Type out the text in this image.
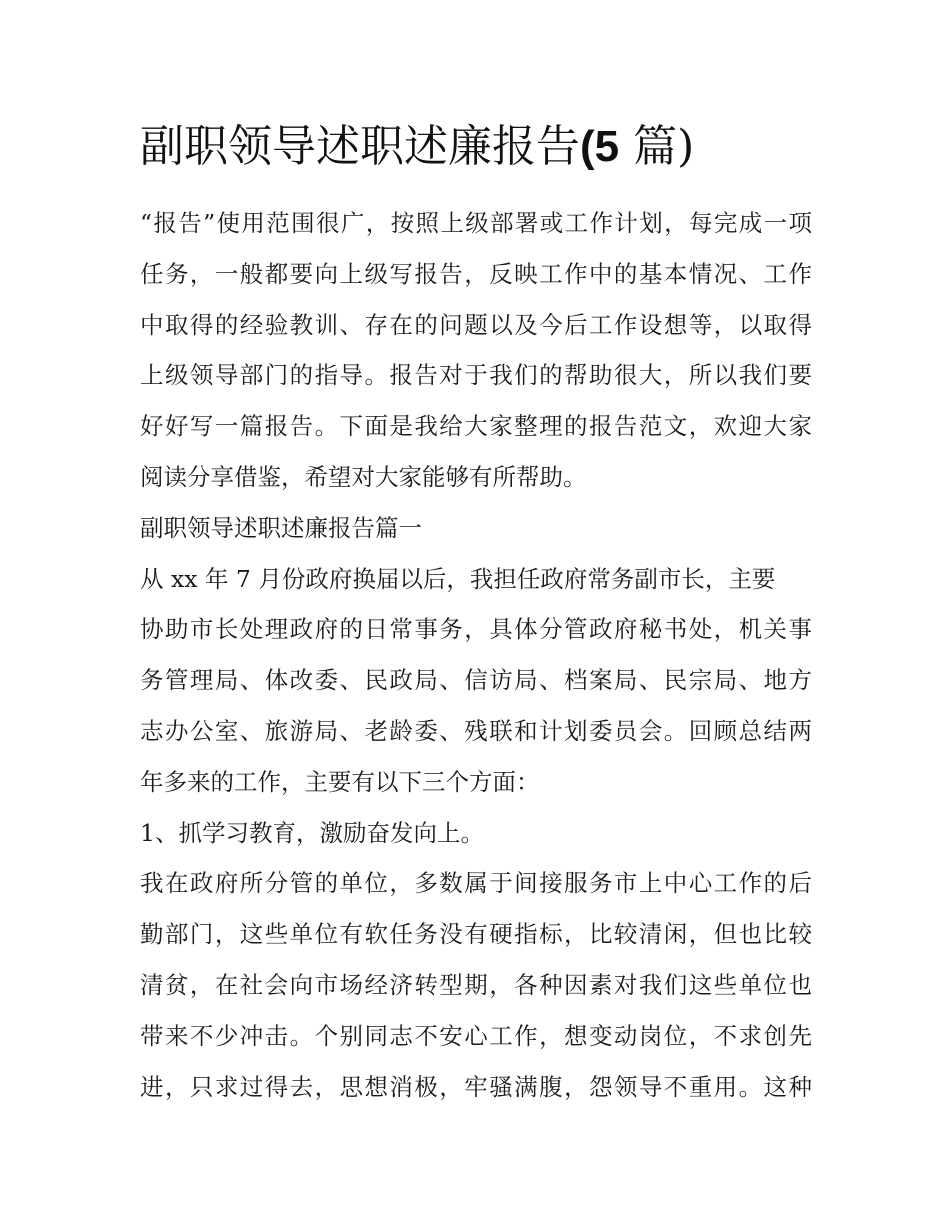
副职领导述职述廉报告(5 篇)
“报告”使用范围很广，按照上级部署或工作计划，每完成一项
任务，一般都要向上级写报告，反映工作中的基本情况、工作
中取得的经验教训、存在的问题以及今后工作设想等，以取得
上级领导部门的指导。报告对于我们的帮助很大，所以我们要
好好写一篇报告。下面是我给大家整理的报告范文，欢迎大家
阅读分享借鉴，希望对大家能够有所帮助。
副职领导述职述廉报告篇一
从 xx 年 7 月份政府换届以后，我担任政府常务副市长，主要
协助市长处理政府的日常事务，具体分管政府秘书处，机关事
务管理局、体改委、民政局、信访局、档案局、民宗局、地方
志办公室、旅游局、老龄委、残联和计划委员会。回顾总结两
年多来的工作，主要有以下三个方面：
1、抓学习教育，激励奋发向上。
我在政府所分管的单位，多数属于间接服务市上中心工作的后
勤部门，这些单位有软任务没有硬指标，比较清闲，但也比较
清贫，在社会向市场经济转型期，各种因素对我们这些单位也
带来不少冲击。个别同志不安心工作，想变动岗位，不求创先
进，只求过得去，思想消极，牢骚满腹，怨领导不重用。这种
